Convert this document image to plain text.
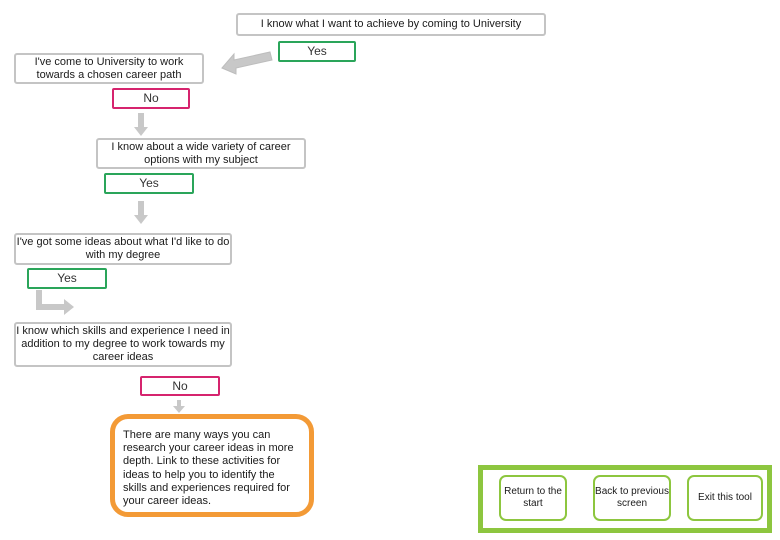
I know what I want to achieve by coming to University
Yes
I've come to University to work towards a chosen career path
No
I know about a wide variety of career options with my subject
Yes
I've got some ideas about what I'd like to do with my degree
Yes
I know which skills and experience I need in addition to my degree to work towards my career ideas
No
There are many ways you can research your career ideas in more depth. Link to these activities for ideas to help you to identify the skills and experiences required for your career ideas.
Return to the start
Back to previous screen
Exit this tool
